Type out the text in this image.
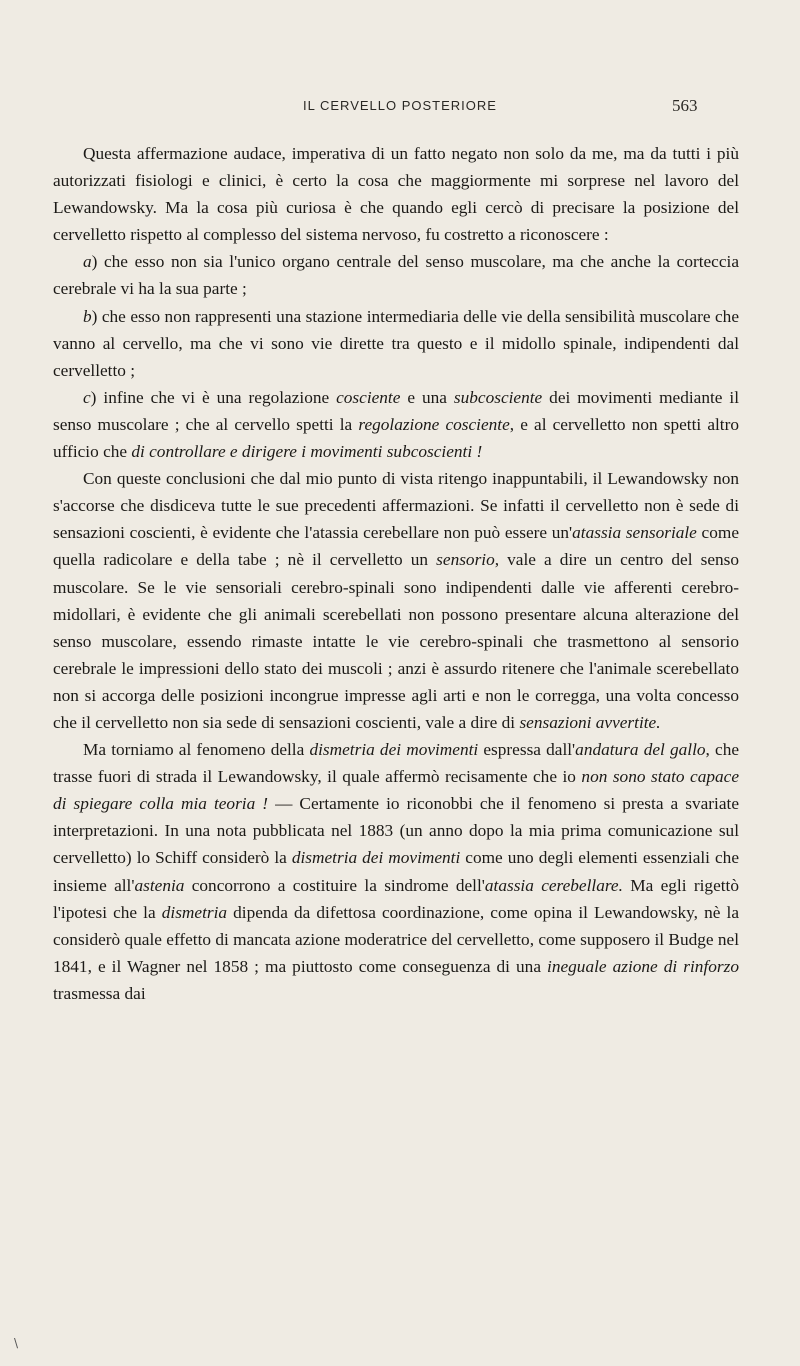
IL CERVELLO POSTERIORE	563

Questa affermazione audace, imperativa di un fatto negato non solo da me, ma da tutti i più autorizzati fisiologi e clinici, è certo la cosa che maggiormente mi sorprese nel lavoro del Lewandowsky. Ma la cosa più curiosa è che quando egli cercò di precisare la posizione del cervelletto rispetto al complesso del sistema nervoso, fu costretto a riconoscere :

a) che esso non sia l'unico organo centrale del senso muscolare, ma che anche la corteccia cerebrale vi ha la sua parte ;

b) che esso non rappresenti una stazione intermediaria delle vie della sensibilità muscolare che vanno al cervello, ma che vi sono vie dirette tra questo e il midollo spinale, indipendenti dal cervelletto ;

c) infine che vi è una regolazione cosciente e una subcosciente dei movimenti mediante il senso muscolare ; che al cervello spetti la regolazione cosciente, e al cervelletto non spetti altro ufficio che di controllare e dirigere i movimenti subcoscienti !

Con queste conclusioni che dal mio punto di vista ritengo inappuntabili, il Lewandowsky non s'accorse che disdiceva tutte le sue precedenti affermazioni. Se infatti il cervelletto non è sede di sensazioni coscienti, è evidente che l'atassia cerebellare non può essere un'atassia sensoriale come quella radicolare e della tabe ; nè il cervelletto un sensorio, vale a dire un centro del senso muscolare. Se le vie sensoriali cerebro-spinali sono indipendenti dalle vie afferenti cerebro-midollari, è evidente che gli animali scerebellati non possono presentare alcuna alterazione del senso muscolare, essendo rimaste intatte le vie cerebro-spinali che trasmettono al sensorio cerebrale le impressioni dello stato dei muscoli ; anzi è assurdo ritenere che l'animale scerebellato non si accorga delle posizioni incongrue impresse agli arti e non le corregga, una volta concesso che il cervelletto non sia sede di sensazioni coscienti, vale a dire di sensazioni avvertite.

Ma torniamo al fenomeno della dismetria dei movimenti espressa dall'andatura del gallo, che trasse fuori di strada il Lewandowsky, il quale affermò recisamente che io non sono stato capace di spiegare colla mia teoria ! — Certamente io riconobbi che il fenomeno si presta a svariate interpretazioni. In una nota pubblicata nel 1883 (un anno dopo la mia prima comunicazione sul cervelletto) lo Schiff considerò la dismetria dei movimenti come uno degli elementi essenziali che insieme all'astenia concorrono a costituire la sindrome dell'atassia cerebellare. Ma egli rigettò l'ipotesi che la dismetria dipenda da difettosa coordinazione, come opina il Lewandowsky, nè la considerò quale effetto di mancata azione moderatrice del cervelletto, come supposero il Budge nel 1841, e il Wagner nel 1858 ; ma piuttosto come conseguenza di una ineguale azione di rinforzo trasmessa dai

\
